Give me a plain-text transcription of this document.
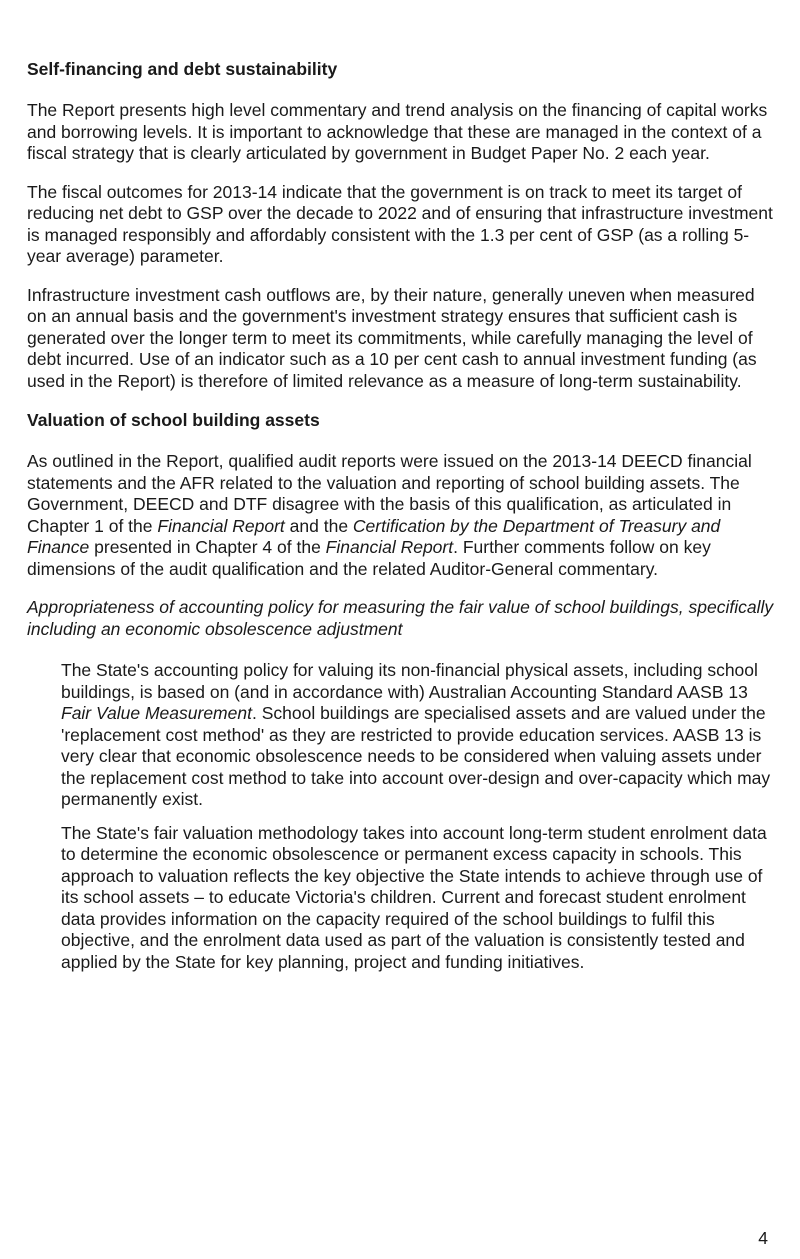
Self-financing and debt sustainability

The Report presents high level commentary and trend analysis on the financing of capital works and borrowing levels. It is important to acknowledge that these are managed in the context of a fiscal strategy that is clearly articulated by government in Budget Paper No. 2 each year.

The fiscal outcomes for 2013-14 indicate that the government is on track to meet its target of reducing net debt to GSP over the decade to 2022 and of ensuring that infrastructure investment is managed responsibly and affordably consistent with the 1.3 per cent of GSP (as a rolling 5-year average) parameter.

Infrastructure investment cash outflows are, by their nature, generally uneven when measured on an annual basis and the government's investment strategy ensures that sufficient cash is generated over the longer term to meet its commitments, while carefully managing the level of debt incurred. Use of an indicator such as a 10 per cent cash to annual investment funding (as used in the Report) is therefore of limited relevance as a measure of long-term sustainability.

Valuation of school building assets

As outlined in the Report, qualified audit reports were issued on the 2013-14 DEECD financial statements and the AFR related to the valuation and reporting of school building assets. The Government, DEECD and DTF disagree with the basis of this qualification, as articulated in Chapter 1 of the Financial Report and the Certification by the Department of Treasury and Finance presented in Chapter 4 of the Financial Report. Further comments follow on key dimensions of the audit qualification and the related Auditor-General commentary.

Appropriateness of accounting policy for measuring the fair value of school buildings, specifically including an economic obsolescence adjustment

The State's accounting policy for valuing its non-financial physical assets, including school buildings, is based on (and in accordance with) Australian Accounting Standard AASB 13 Fair Value Measurement. School buildings are specialised assets and are valued under the 'replacement cost method' as they are restricted to provide education services. AASB 13 is very clear that economic obsolescence needs to be considered when valuing assets under the replacement cost method to take into account over-design and over-capacity which may permanently exist.

The State's fair valuation methodology takes into account long-term student enrolment data to determine the economic obsolescence or permanent excess capacity in schools. This approach to valuation reflects the key objective the State intends to achieve through use of its school assets – to educate Victoria's children. Current and forecast student enrolment data provides information on the capacity required of the school buildings to fulfil this objective, and the enrolment data used as part of the valuation is consistently tested and applied by the State for key planning, project and funding initiatives.

4
